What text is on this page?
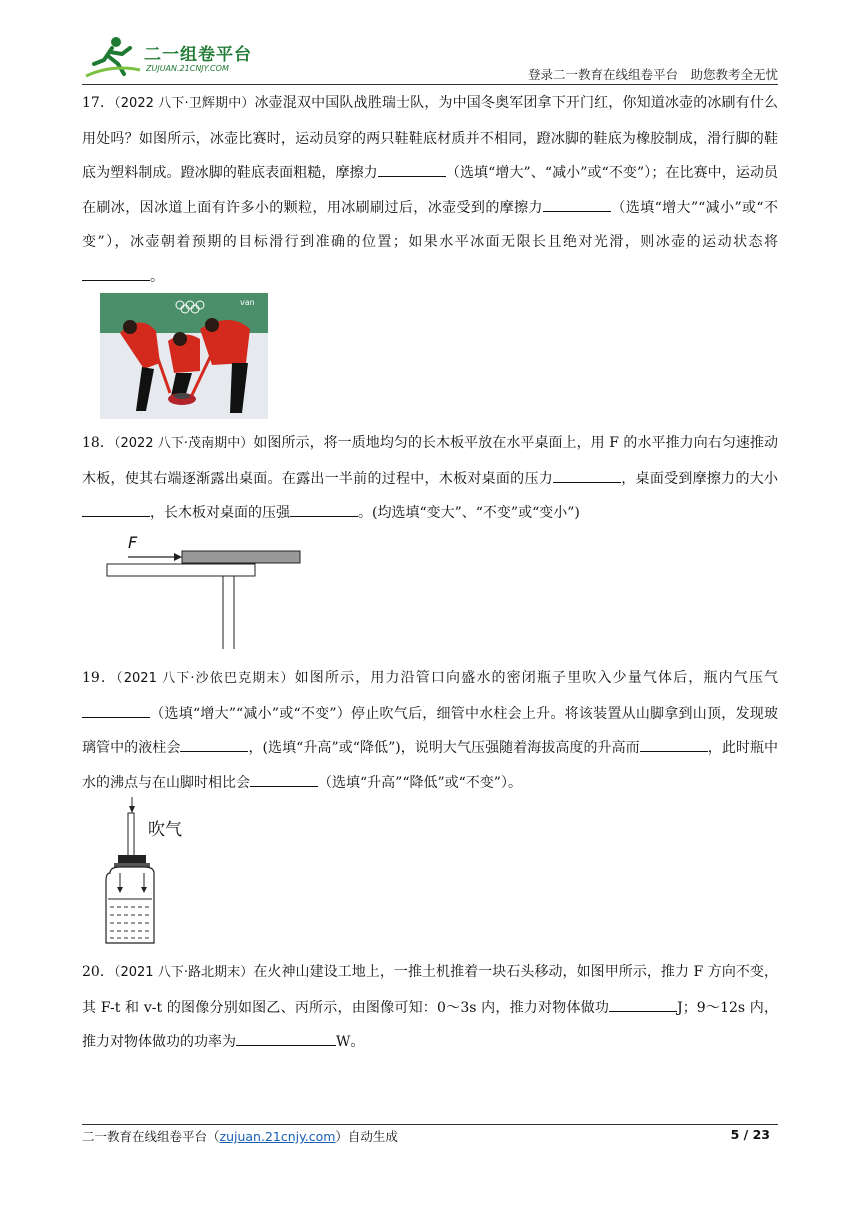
二一组卷平台
ZUJUAN.21CNJY.COM	登录二一教育在线组卷平台　助您教考全无忧
17．（2022 八下·卫辉期中）冰壶混双中国队战胜瑞士队，为中国冬奥军团拿下开门红，你知道冰壶的冰刷有什么用处吗？如图所示，冰壶比赛时，运动员穿的两只鞋鞋底材质并不相同，蹬冰脚的鞋底为橡胶制成，滑行脚的鞋底为塑料制成。蹬冰脚的鞋底表面粗糙，摩擦力	（选填“增大”、“减小”或“不变”）；在比赛中，运动员在刷冰，因冰道上面有许多小的颗粒，用冰刷刷过后，冰壶受到的摩擦力	（选填“增大”“减小”或“不变”），冰壶朝着预期的目标滑行到准确的位置；如果水平冰面无限长且绝对光滑，则冰壶的运动状态将。
van
18．（2022 八下·茂南期中）如图所示，将一质地均匀的长木板平放在水平桌面上，用 F 的水平推力向右匀速推动木板，使其右端逐渐露出桌面。在露出一半前的过程中，木板对桌面的压力	，桌面受到摩擦力的大小，长木板对桌面的压强	。(均选填“变大”、“不变”或“变小”)
F
19．（2021 八下·沙依巴克期末）如图所示，用力沿管口向盛水的密闭瓶子里吹入少量气体后，瓶内气压气（选填“增大”“减小”或“不变”）停止吹气后，细管中水柱会上升。将该装置从山脚拿到山顶，发现玻璃管中的液柱会	，(选填“升高”或“降低”)，说明大气压强随着海拔高度的升高而	，此时瓶中水的沸点与在山脚时相比会	（选填“升高”“降低”或“不变”）。
吹气
20．（2021 八下·路北期末）在火神山建设工地上，一推土机推着一块石头移动，如图甲所示，推力 F 方向不变，其 F-t 和 v-t 的图像分别如图乙、丙所示，由图像可知：0～3s 内，推力对物体做功	J；9～12s 内，推力对物体做功的功率为	W。
二一教育在线组卷平台（zujuan.21cnjy.com）自动生成	5 / 23
